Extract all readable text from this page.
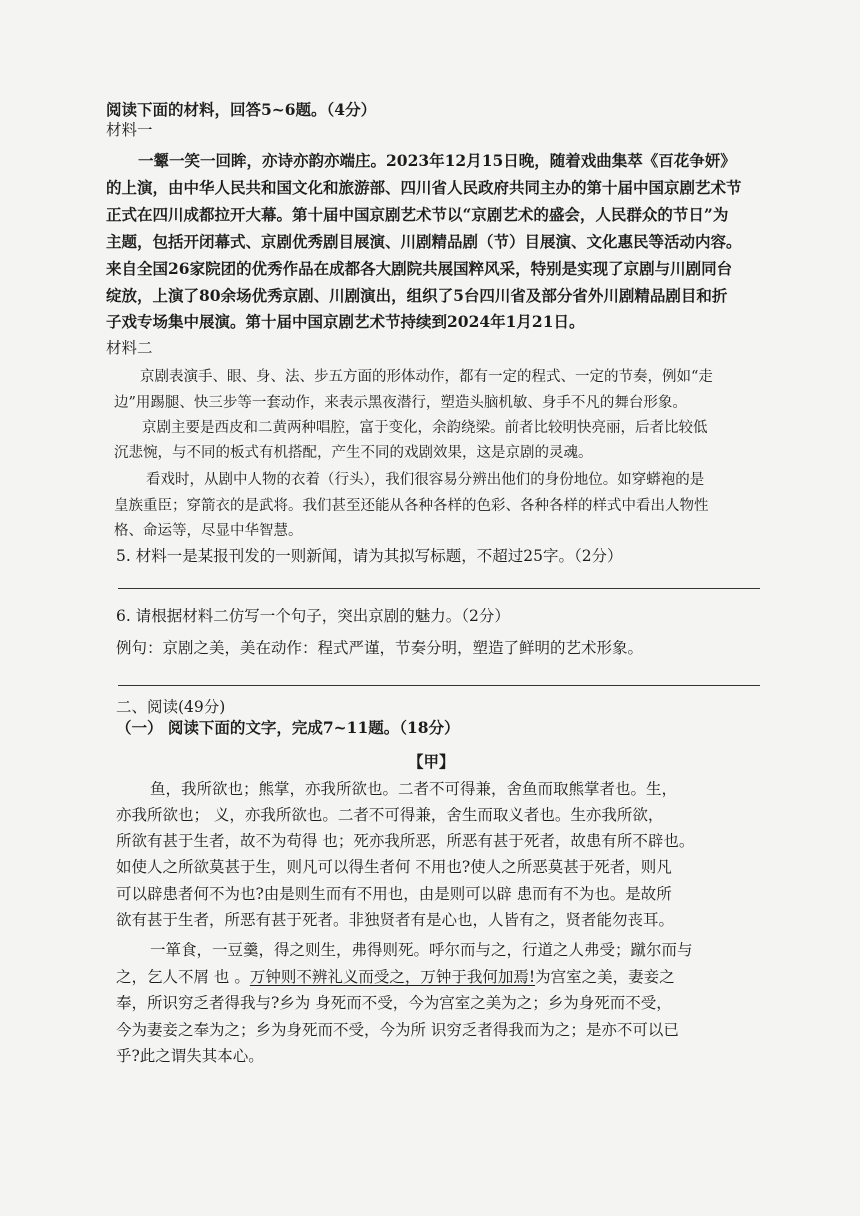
阅读下面的材料，回答5~6题。（4分）
材料一
一颦一笑一回眸，亦诗亦韵亦端庄。2023年12月15日晚，随着戏曲集萃《百花争妍》
的上演，由中华人民共和国文化和旅游部、四川省人民政府共同主办的第十届中国京剧艺术节
正式在四川成都拉开大幕。第十届中国京剧艺术节以“京剧艺术的盛会，人民群众的节日”为
主题，包括开闭幕式、京剧优秀剧目展演、川剧精品剧（节）目展演、文化惠民等活动内容。
来自全国26家院团的优秀作品在成都各大剧院共展国粹风采，特别是实现了京剧与川剧同台
绽放，上演了80余场优秀京剧、川剧演出，组织了5台四川省及部分省外川剧精品剧目和折
子戏专场集中展演。第十届中国京剧艺术节持续到2024年1月21日。
材料二
京剧表演手、眼、身、法、步五方面的形体动作，都有一定的程式、一定的节奏，例如“走
边”用踢腿、快三步等一套动作，来表示黑夜潜行，塑造头脑机敏、身手不凡的舞台形象。
京剧主要是西皮和二黄两种唱腔，富于变化，余韵绕梁。前者比较明快亮丽，后者比较低
沉悲惋，与不同的板式有机搭配，产生不同的戏剧效果，这是京剧的灵魂。
看戏时，从剧中人物的衣着（行头），我们很容易分辨出他们的身份地位。如穿蟒袍的是
皇族重臣；穿箭衣的是武将。我们甚至还能从各种各样的色彩、各种各样的样式中看出人物性
格、命运等，尽显中华智慧。
5. 材料一是某报刊发的一则新闻，请为其拟写标题，不超过25字。（2分）
6. 请根据材料二仿写一个句子，突出京剧的魅力。（2分）
例句：京剧之美，美在动作：程式严谨，节奏分明，塑造了鲜明的艺术形象。
二、阅读(49分)
（一） 阅读下面的文字，完成7~11题。（18分）
【甲】
鱼，我所欲也；熊掌，亦我所欲也。二者不可得兼，舍鱼而取熊掌者也。生，
亦我所欲也； 义，亦我所欲也。二者不可得兼，舍生而取义者也。生亦我所欲，
所欲有甚于生者，故不为苟得 也；死亦我所恶，所恶有甚于死者，故患有所不辟也。
如使人之所欲莫甚于生，则凡可以得生者何 不用也?使人之所恶莫甚于死者，则凡
可以辟患者何不为也?由是则生而有不用也，由是则可以辟 患而有不为也。是故所
欲有甚于生者，所恶有甚于死者。非独贤者有是心也，人皆有之，贤者能勿丧耳。
一箪食，一豆羹，得之则生，弗得则死。呼尔而与之，行道之人弗受；蹴尔而与
之，乞人不屑 也 。万钟则不辨礼义而受之，万钟于我何加焉!为宫室之美，妻妾之
奉，所识穷乏者得我与?乡为 身死而不受，今为宫室之美为之；乡为身死而不受，
今为妻妾之奉为之；乡为身死而不受，今为所 识穷乏者得我而为之；是亦不可以已
乎?此之谓失其本心。
